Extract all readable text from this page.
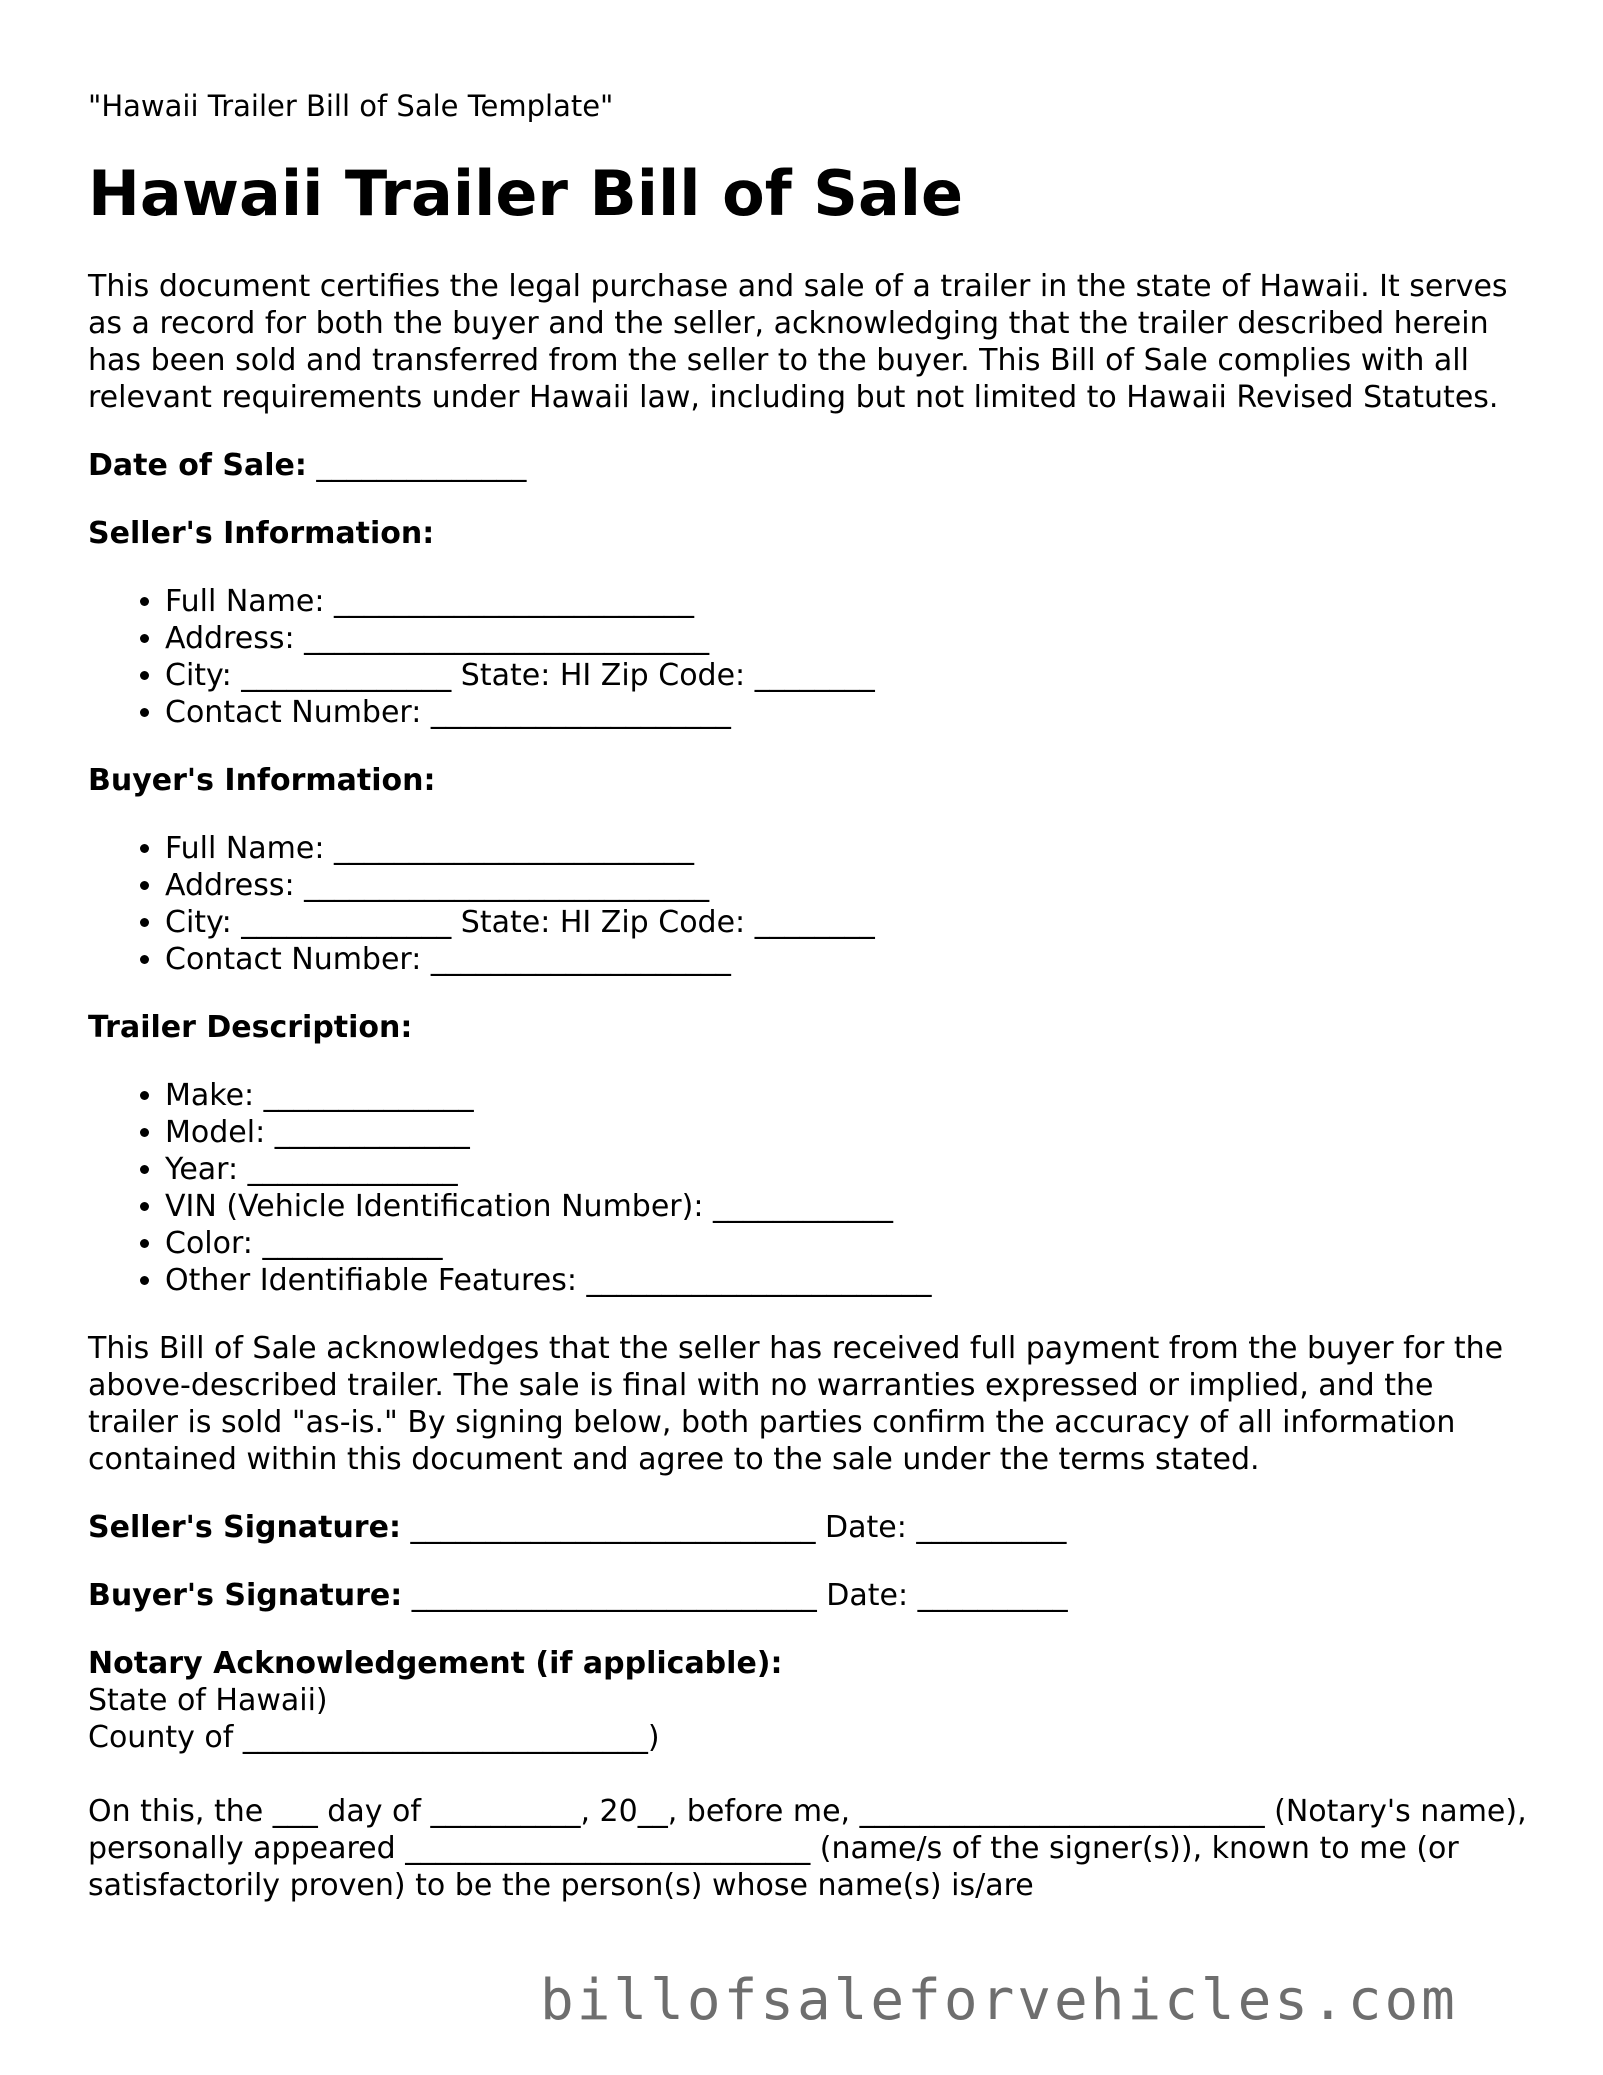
"Hawaii Trailer Bill of Sale Template"

Hawaii Trailer Bill of Sale

This document certifies the legal purchase and sale of a trailer in the state of Hawaii. It serves as a record for both the buyer and the seller, acknowledging that the trailer described herein has been sold and transferred from the seller to the buyer. This Bill of Sale complies with all relevant requirements under Hawaii law, including but not limited to Hawaii Revised Statutes.

Date of Sale: ______________

Seller's Information:

• Full Name: ________________________
• Address: ___________________________
• City: ______________ State: HI Zip Code: ________
• Contact Number: ____________________

Buyer's Information:

• Full Name: ________________________
• Address: ___________________________
• City: ______________ State: HI Zip Code: ________
• Contact Number: ____________________

Trailer Description:

• Make: ______________
• Model: _____________
• Year: ______________
• VIN (Vehicle Identification Number): ____________
• Color: ____________
• Other Identifiable Features: _______________________

This Bill of Sale acknowledges that the seller has received full payment from the buyer for the above-described trailer. The sale is final with no warranties expressed or implied, and the trailer is sold "as-is." By signing below, both parties confirm the accuracy of all information contained within this document and agree to the sale under the terms stated.

Seller's Signature: ___________________________ Date: __________

Buyer's Signature: ___________________________ Date: __________

Notary Acknowledgement (if applicable):
State of Hawaii)
County of ___________________________)

On this, the ___ day of __________, 20__, before me, ___________________________ (Notary's name), personally appeared ___________________________ (name/s of the signer(s)), known to me (or satisfactorily proven) to be the person(s) whose name(s) is/are

billofsaleforvehicles.com
